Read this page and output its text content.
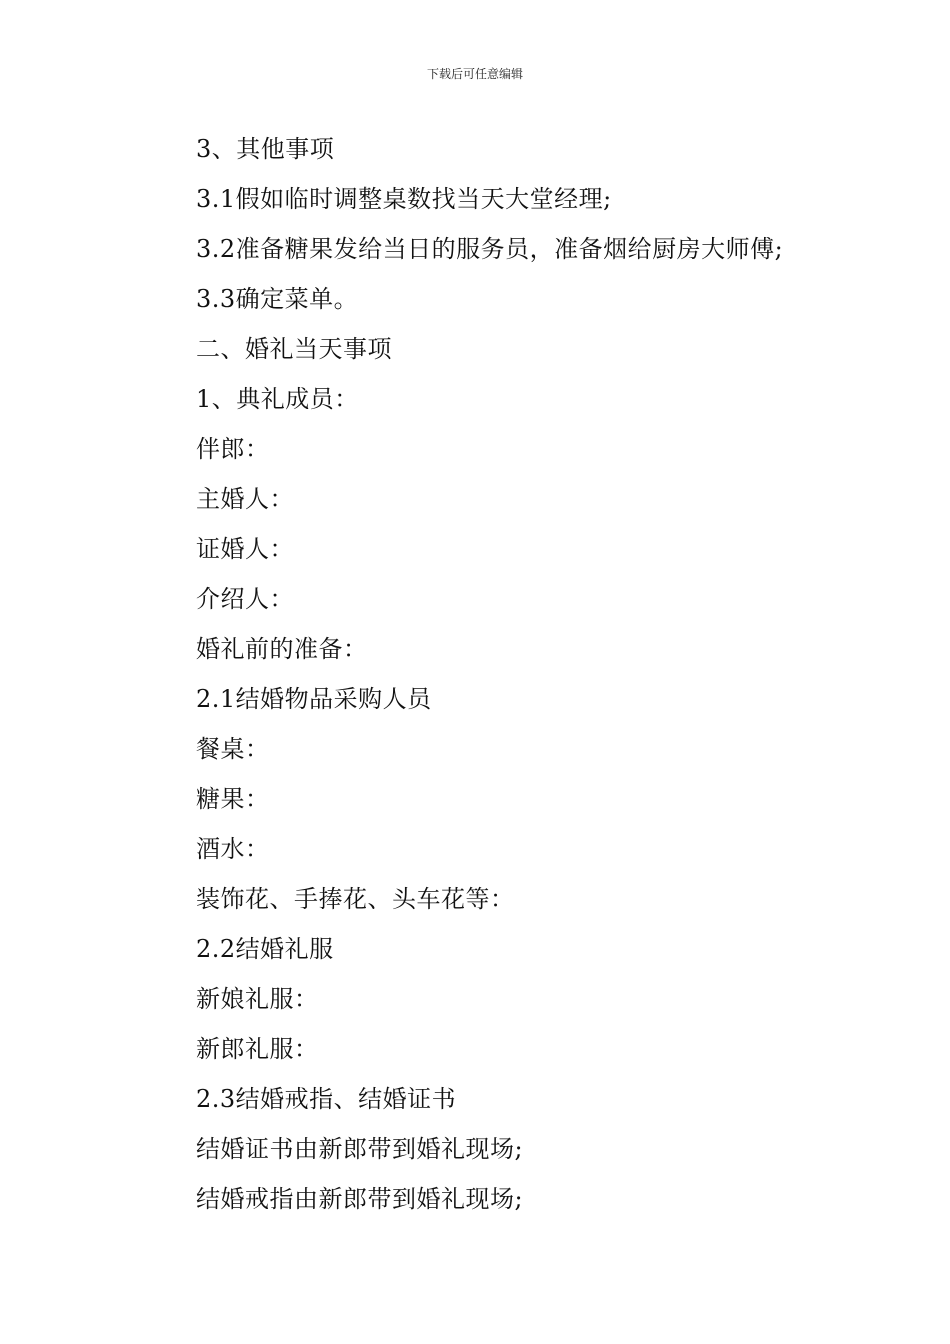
下载后可任意编辑
3、其他事项
3.1假如临时调整桌数找当天大堂经理;
3.2准备糖果发给当日的服务员，准备烟给厨房大师傅;
3.3确定菜单。
二、婚礼当天事项
1、典礼成员：
伴郎：
主婚人：
证婚人：
介绍人：
婚礼前的准备：
2.1结婚物品采购人员
餐桌：
糖果：
酒水：
装饰花、手捧花、头车花等：
2.2结婚礼服
新娘礼服：
新郎礼服：
2.3结婚戒指、结婚证书
结婚证书由新郎带到婚礼现场;
结婚戒指由新郎带到婚礼现场;
